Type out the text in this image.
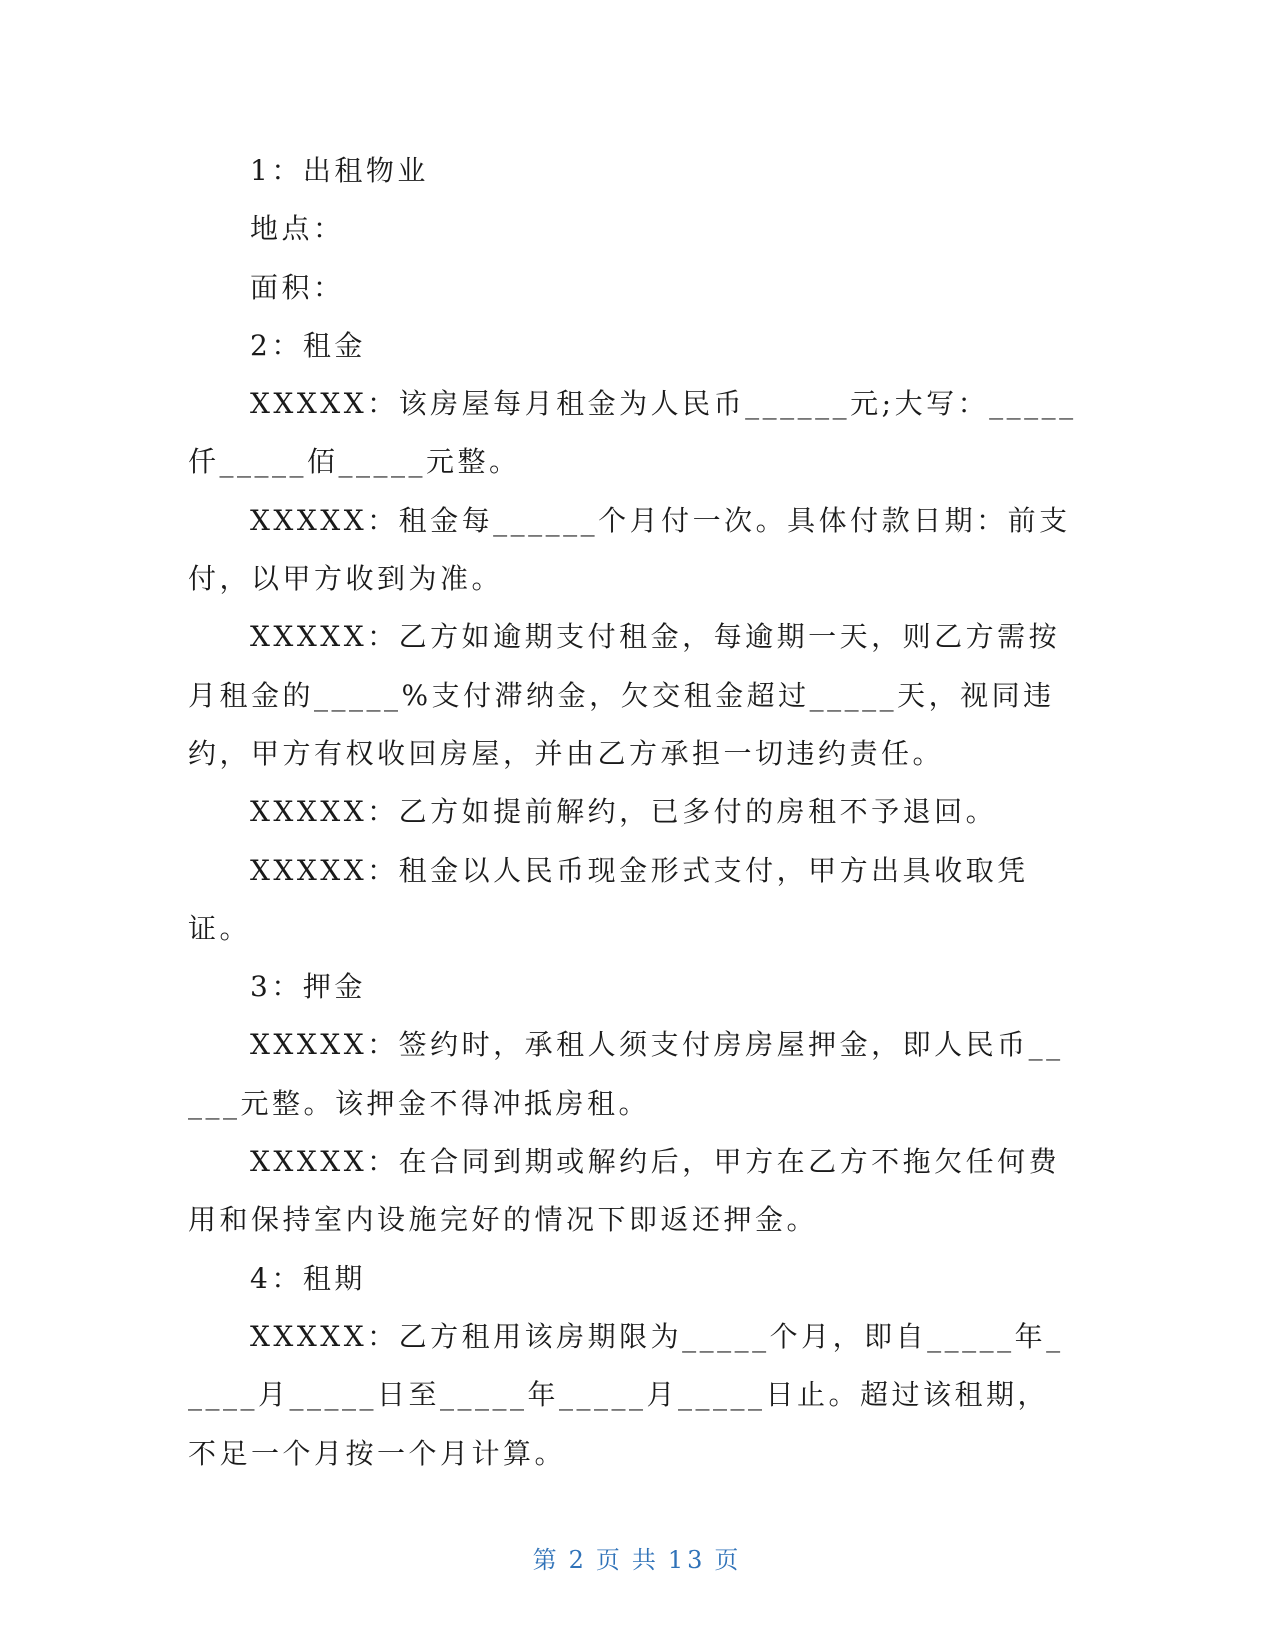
1：出租物业

地点：

面积：

2：租金

XXXXX：该房屋每月租金为人民币______元;大写：_____仟_____佰_____元整。

XXXXX：租金每______个月付一次。具体付款日期：前支付，以甲方收到为准。

XXXXX：乙方如逾期支付租金，每逾期一天，则乙方需按月租金的_____%支付滞纳金，欠交租金超过_____天，视同违约，甲方有权收回房屋，并由乙方承担一切违约责任。

XXXXX：乙方如提前解约，已多付的房租不予退回。

XXXXX：租金以人民币现金形式支付，甲方出具收取凭证。

3：押金

XXXXX：签约时，承租人须支付房房屋押金，即人民币_____元整。该押金不得冲抵房租。

XXXXX：在合同到期或解约后，甲方在乙方不拖欠任何费用和保持室内设施完好的情况下即返还押金。

4：租期

XXXXX：乙方租用该房期限为_____个月，即自_____年_____月_____日至_____年_____月_____日止。超过该租期，不足一个月按一个月计算。

第 2 页 共 13 页
